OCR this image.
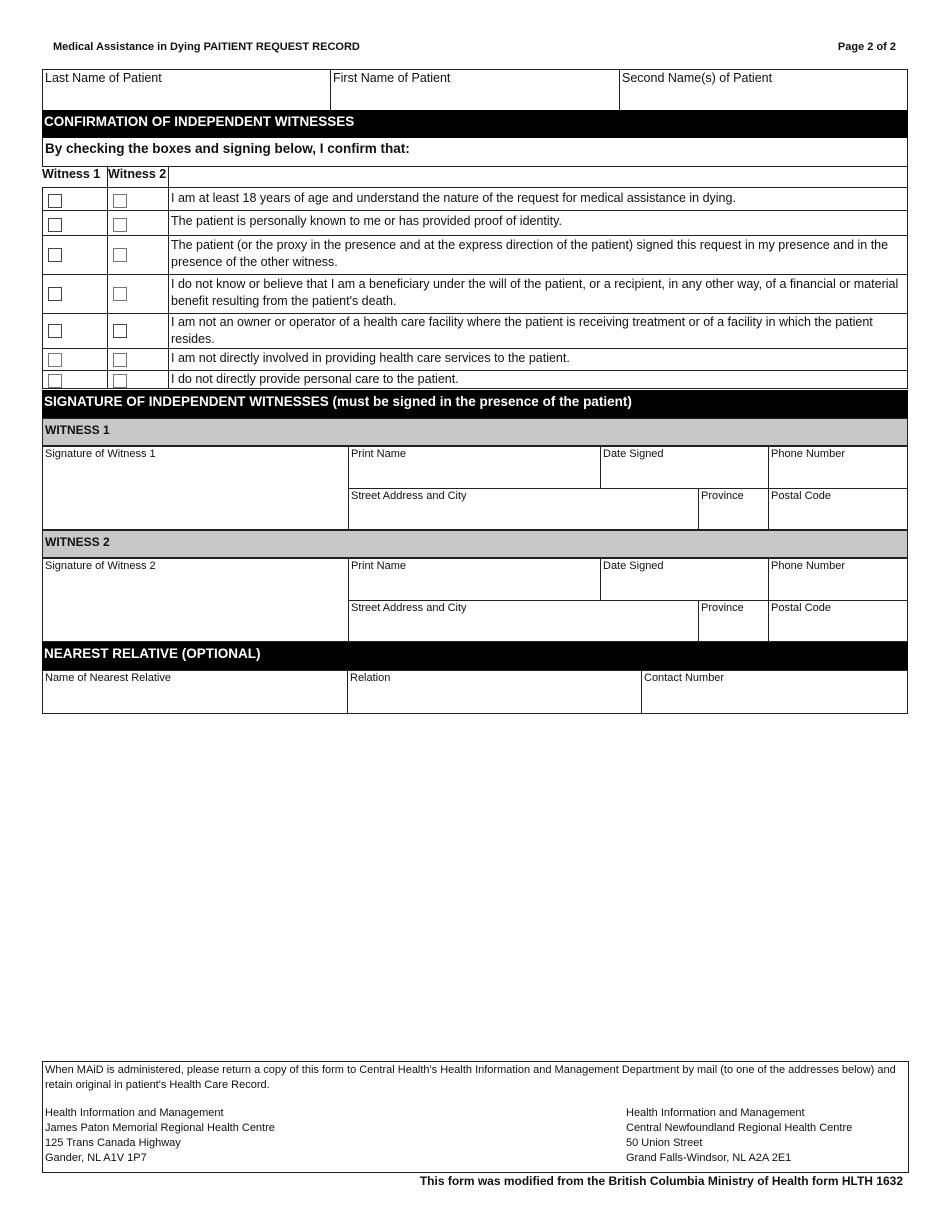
Medical Assistance in Dying PAITIENT REQUEST RECORD	Page 2 of 2
Last Name of Patient	First Name of Patient	Second Name(s) of Patient
CONFIRMATION OF INDEPENDENT WITNESSES
By checking the boxes and signing below, I confirm that:
Witness 1 Witness 2
I am at least 18 years of age and understand the nature of the request for medical assistance in dying.
The patient is personally known to me or has provided proof of identity.
The patient (or the proxy in the presence and at the express direction of the patient) signed this request in my presence and in the presence of the other witness.
I do not know or believe that I am a beneficiary under the will of the patient, or a recipient, in any other way, of a financial or material benefit resulting from the patient's death.
I am not an owner or operator of a health care facility where the patient is receiving treatment or of a facility in which the patient resides.
I am not directly involved in providing health care services to the patient.
I do not directly provide personal care to the patient.
SIGNATURE OF INDEPENDENT WITNESSES (must be signed in the presence of the patient)
WITNESS 1
Signature of Witness 1	Print Name	Date Signed	Phone Number
Street Address and City	Province Postal Code
WITNESS 2
Signature of Witness 2	Print Name	Date Signed	Phone Number
Street Address and City	Province Postal Code
NEAREST RELATIVE (OPTIONAL)
Name of Nearest Relative	Relation	Contact Number
When MAiD is administered, please return a copy of this form to Central Health's Health Information and Management Department by mail (to one of the addresses below) and retain original in patient's Health Care Record.
Health Information and Management
James Paton Memorial Regional Health Centre
125 Trans Canada Highway
Gander, NL A1V 1P7
Health Information and Management
Central Newfoundland Regional Health Centre
50 Union Street
Grand Falls-Windsor, NL A2A 2E1
This form was modified from the British Columbia Ministry of Health form HLTH 1632
